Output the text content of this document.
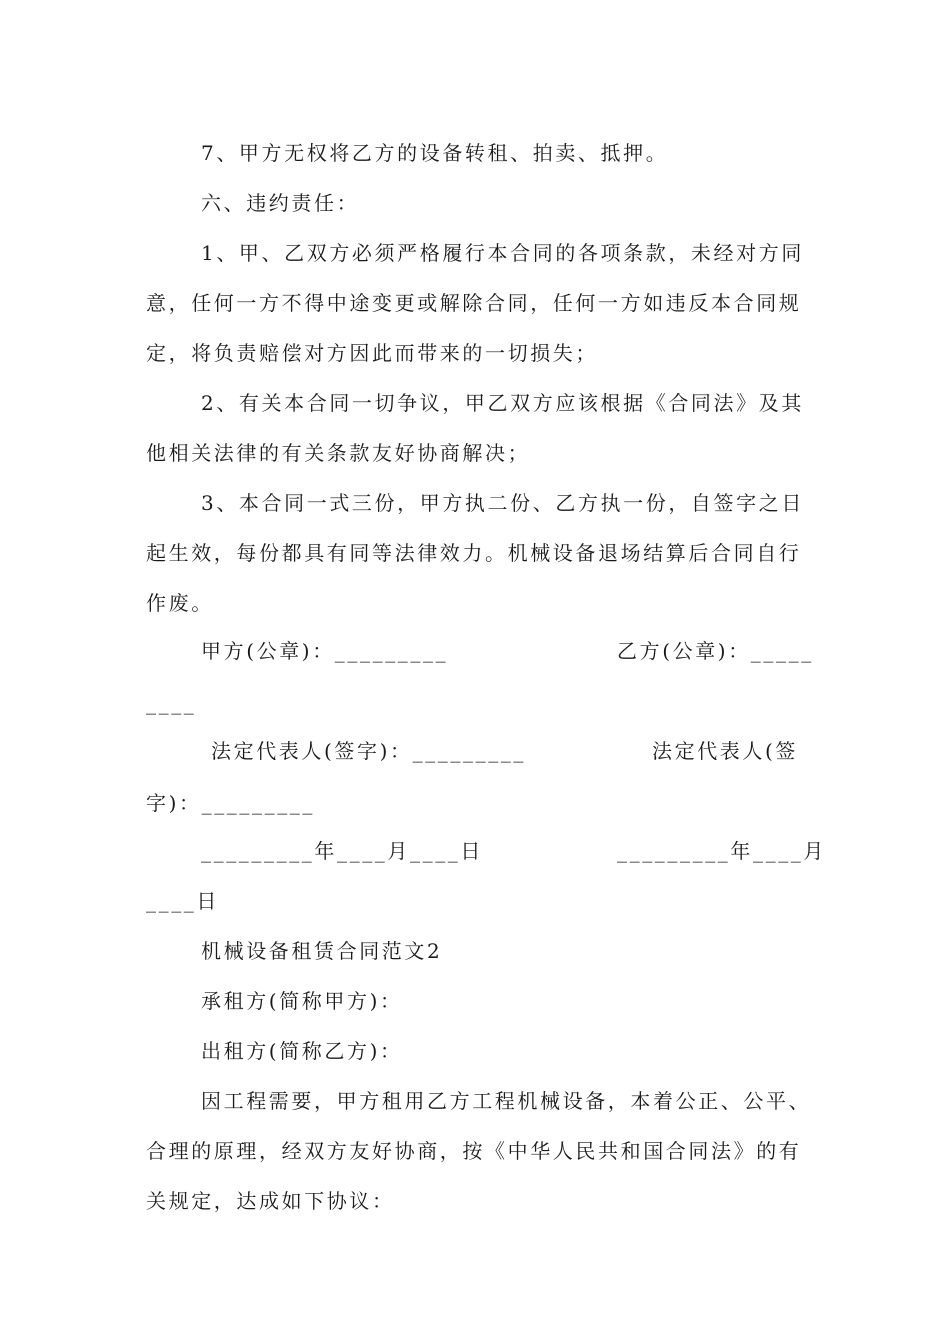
7、甲方无权将乙方的设备转租、拍卖、抵押。
六、违约责任：
1、甲、乙双方必须严格履行本合同的各项条款，未经对方同
意，任何一方不得中途变更或解除合同，任何一方如违反本合同规
定，将负责赔偿对方因此而带来的一切损失；
2、有关本合同一切争议，甲乙双方应该根据《合同法》及其
他相关法律的有关条款友好协商解决；
3、本合同一式三份，甲方执二份、乙方执一份，自签字之日
起生效，每份都具有同等法律效力。机械设备退场结算后合同自行
作废。
甲方(公章)：_________	乙方(公章)：_____
____
法定代表人(签字)：_________	法定代表人(签
字)：_________
_________年____月____日	_________年____月
____日
机械设备租赁合同范文2
承租方(简称甲方)：
出租方(简称乙方)：
因工程需要，甲方租用乙方工程机械设备，本着公正、公平、
合理的原理，经双方友好协商，按《中华人民共和国合同法》的有
关规定，达成如下协议：
